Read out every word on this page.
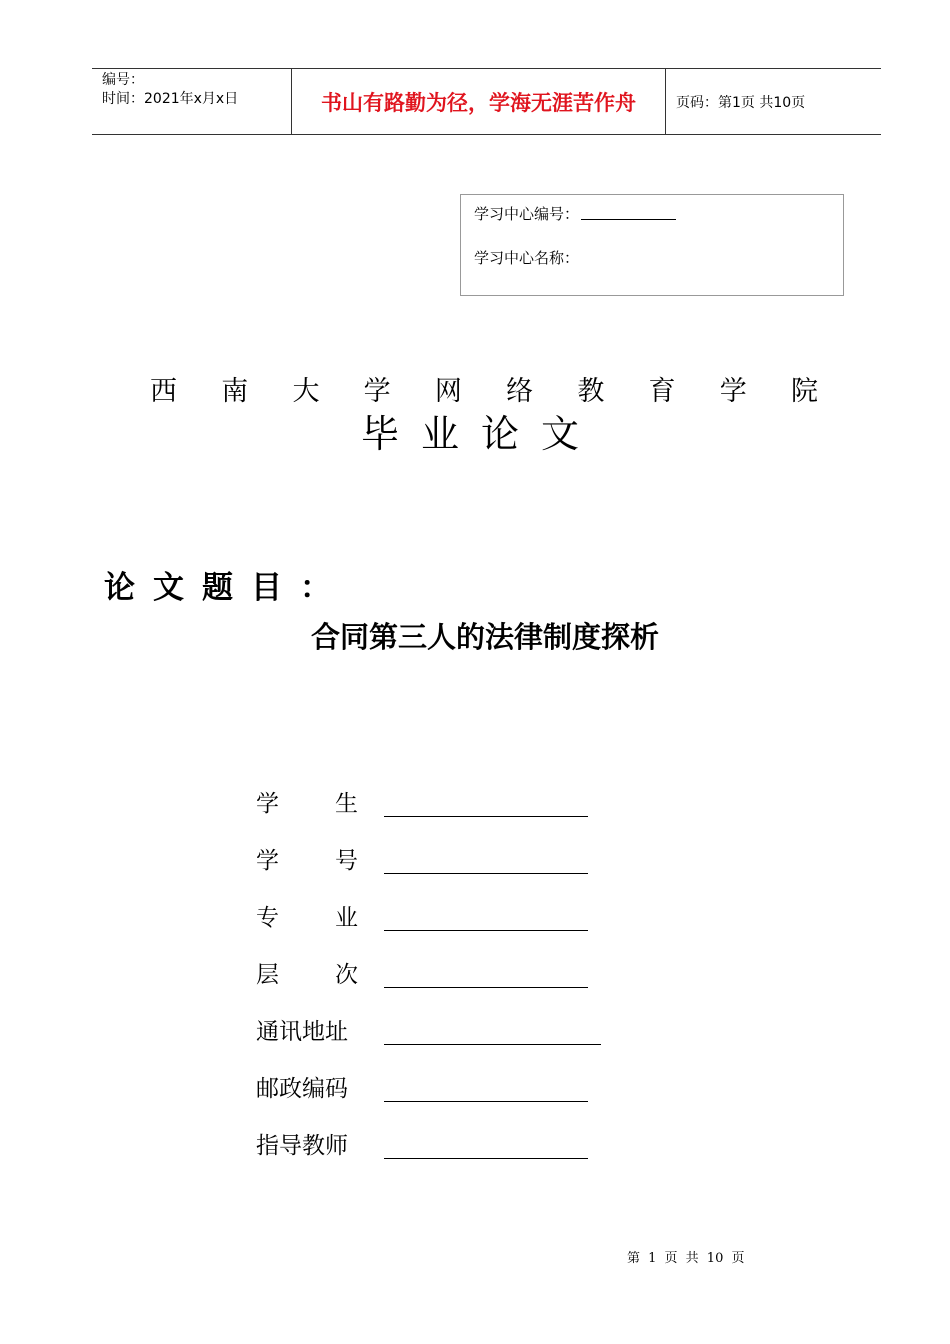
编号：
时间：2021年x月x日	书山有路勤为径，学海无涯苦作舟	页码：第1页 共10页
学习中心编号：
学习中心名称：
西 南 大 学 网 络 教 育 学 院
毕业论文
论文题目：
合同第三人的法律制度探析
学 生
学 号
专 业
层 次
通讯地址
邮政编码
指导教师
第 1 页 共 10 页
